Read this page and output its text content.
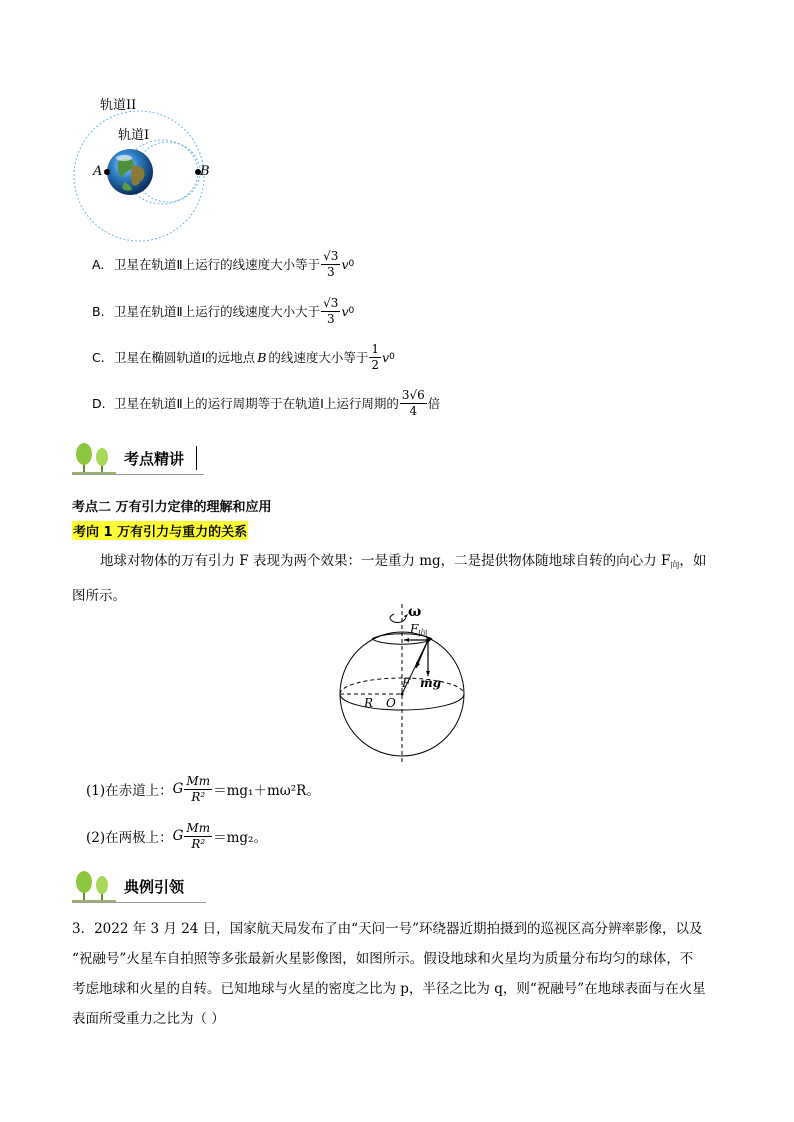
轨道II
轨道I
A	B
A. 卫星在轨道Ⅱ上运行的线速度大小等于 $\frac{√3}{3}$ v 0
B. 卫星在轨道Ⅱ上运行的线速度大小大于 $\frac{√3}{3}$ v 0
C. 卫星在椭圆轨道Ⅰ的远地点 B 的线速度大小等于 $\frac{1}{2}$ v 0
D. 卫星在轨道Ⅱ上的运行周期等于在轨道Ⅰ上运行周期的 $\frac{3√6}{4}$ 倍
考点精讲
考点二 万有引力定律的理解和应用
考向 1 万有引力与重力的关系
地球对物体的万有引力 F 表现为两个效果：一是重力 mg，二是提供物体随地球自转的向心力 $F_向$，如
图所示。
ω
$F_向$
mg
F
R O
(1)在赤道上： G $\frac{Mm}{\text{R²}} =mg_1+m\omega^2R$。
(2)在两极上： G $\frac{Mm}{\text{R²}} =mg_2$。
典例引领
3．2022 年 3 月 24 日，国家航天局发布了由“天问一号”环绕器近期拍摄到的巡视区高分辨率影像，以及
“祝融号”火星车自拍照等多张最新火星影像图，如图所示。假设地球和火星均为质量分布均匀的球体，不
考虑地球和火星的自转。已知地球与火星的密度之比为 p，半径之比为 q，则“祝融号”在地球表面与在火星
表面所受重力之比为（ ）
